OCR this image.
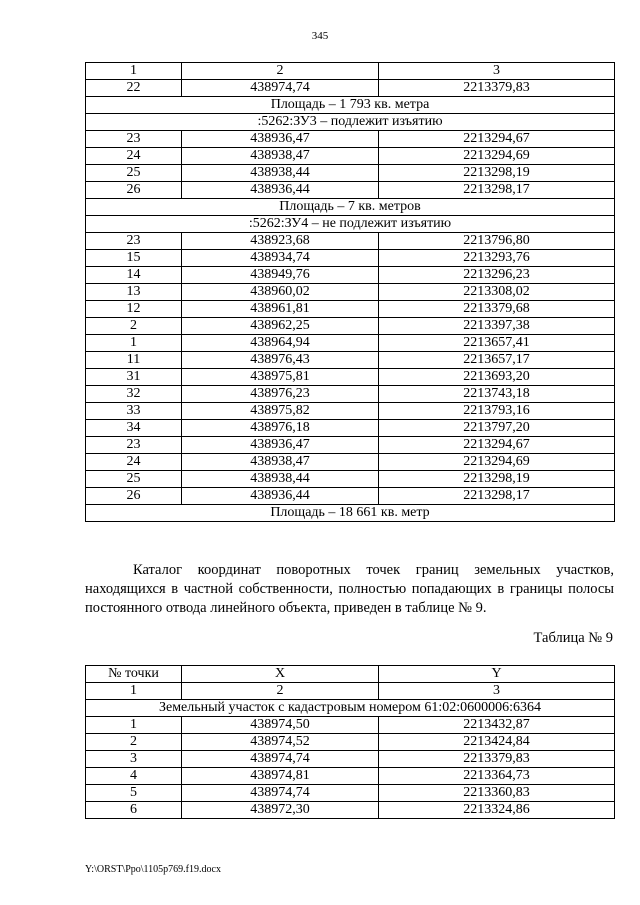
345
1	2	3
22	438974,74	2213379,83
Площадь – 1 793 кв. метра		
:5262:ЗУ3 – подлежит изъятию		
23	438936,47	2213294,67
24	438938,47	2213294,69
25	438938,44	2213298,19
26	438936,44	2213298,17
Площадь – 7 кв. метров		
:5262:ЗУ4 – не подлежит изъятию		
23	438923,68	2213796,80
15	438934,74	2213293,76
14	438949,76	2213296,23
13	438960,02	2213308,02
12	438961,81	2213379,68
2	438962,25	2213397,38
1	438964,94	2213657,41
11	438976,43	2213657,17
31	438975,81	2213693,20
32	438976,23	2213743,18
33	438975,82	2213793,16
34	438976,18	2213797,20
23	438936,47	2213294,67
24	438938,47	2213294,69
25	438938,44	2213298,19
26	438936,44	2213298,17
Площадь – 18 661 кв. метр		

Каталог координат поворотных точек границ земельных участков, находящихся в частной собственности, полностью попадающих в границы полосы постоянного отвода линейного объекта, приведен в таблице № 9.

Таблица № 9
№ точки	X	Y
1	2	3
Земельный участок с кадастровым номером 61:02:0600006:6364		
1	438974,50	2213432,87
2	438974,52	2213424,84
3	438974,74	2213379,83
4	438974,81	2213364,73
5	438974,74	2213360,83
6	438972,30	2213324,86
Y:\ORST\Ppo\1105p769.f19.docx
